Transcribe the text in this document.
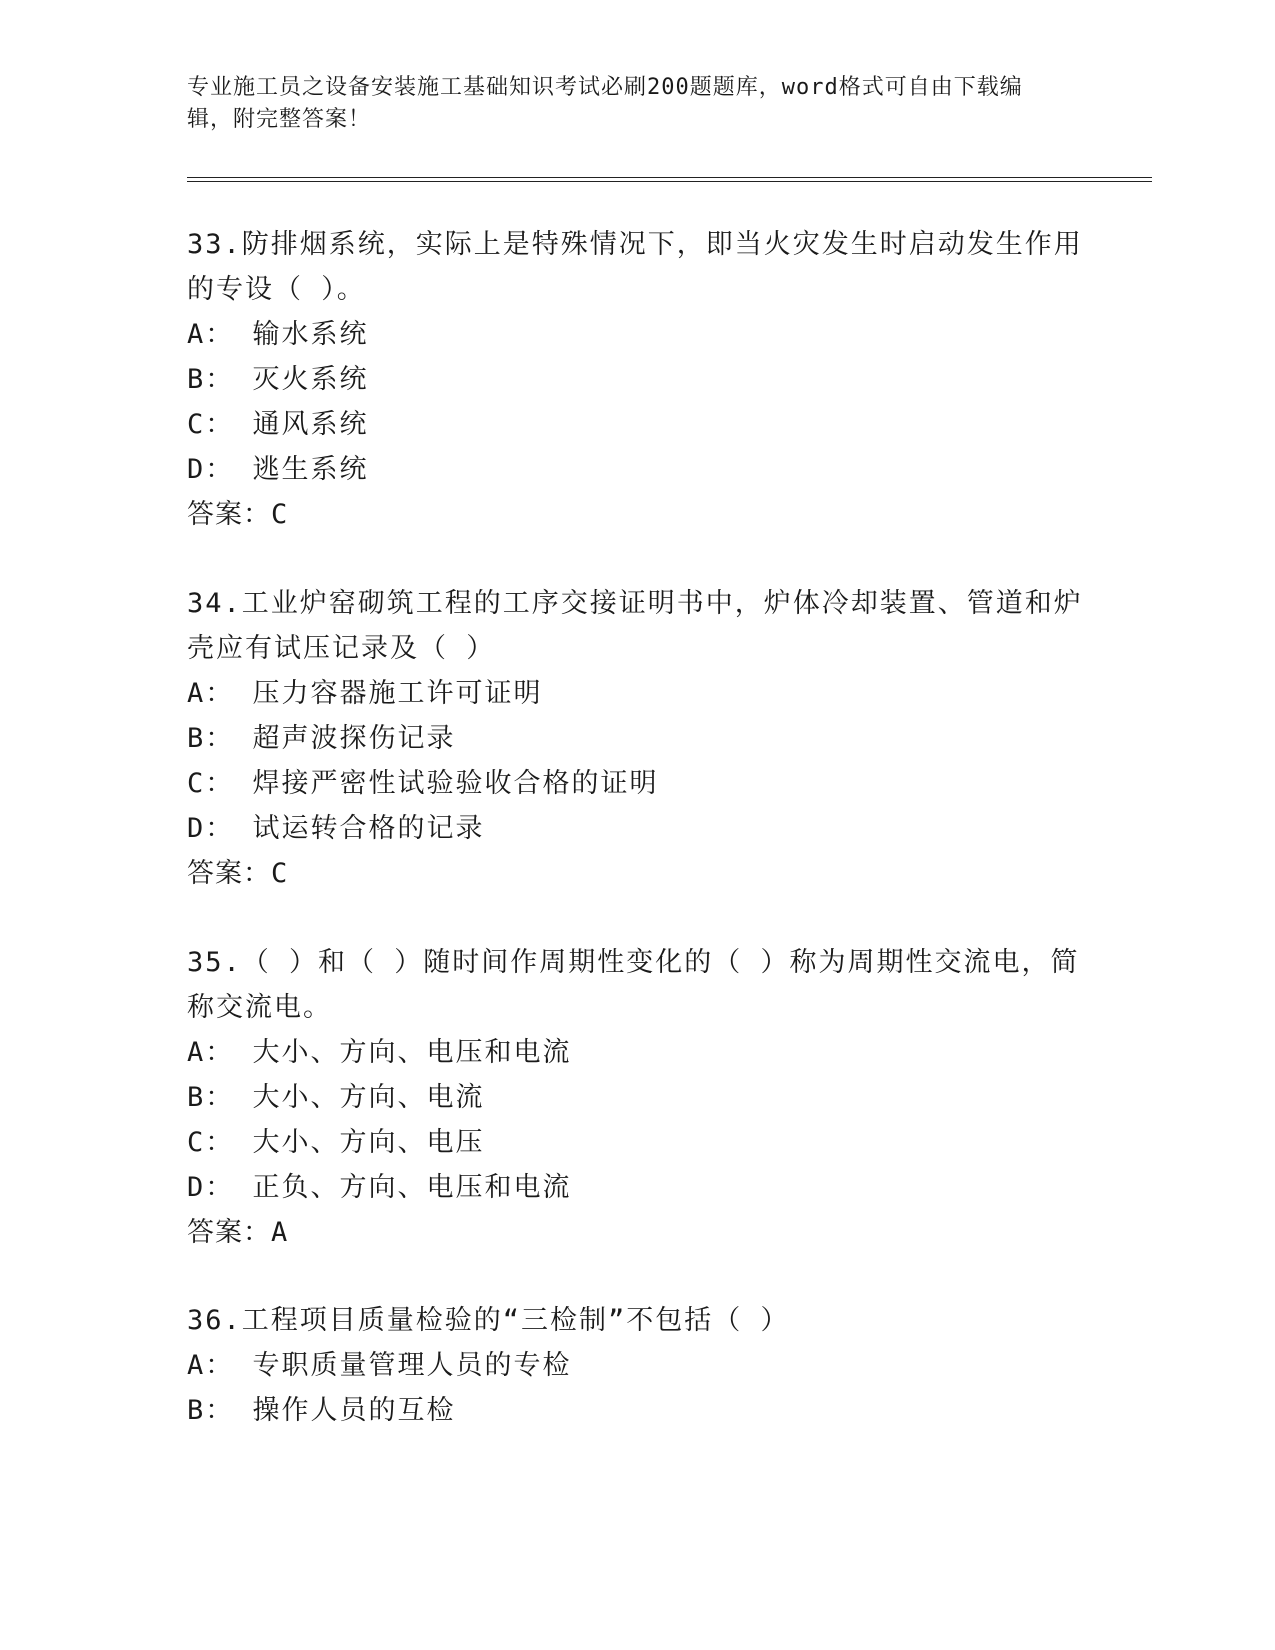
专业施工员之设备安装施工基础知识考试必刷200题题库，word格式可自由下载编辑，附完整答案！

33.防排烟系统，实际上是特殊情况下，即当火灾发生时启动发生作用的专设（ ）。

A： 输水系统

B： 灭火系统

C： 通风系统

D： 逃生系统

答案：C

34.工业炉窑砌筑工程的工序交接证明书中，炉体冷却装置、管道和炉壳应有试压记录及（ ）

A： 压力容器施工许可证明

B： 超声波探伤记录

C： 焊接严密性试验验收合格的证明

D： 试运转合格的记录

答案：C

35.（ ）和（ ）随时间作周期性变化的（ ）称为周期性交流电，简称交流电。

A： 大小、方向、电压和电流

B： 大小、方向、电流

C： 大小、方向、电压

D： 正负、方向、电压和电流

答案：A

36.工程项目质量检验的“三检制”不包括（ ）

A： 专职质量管理人员的专检

B： 操作人员的互检
